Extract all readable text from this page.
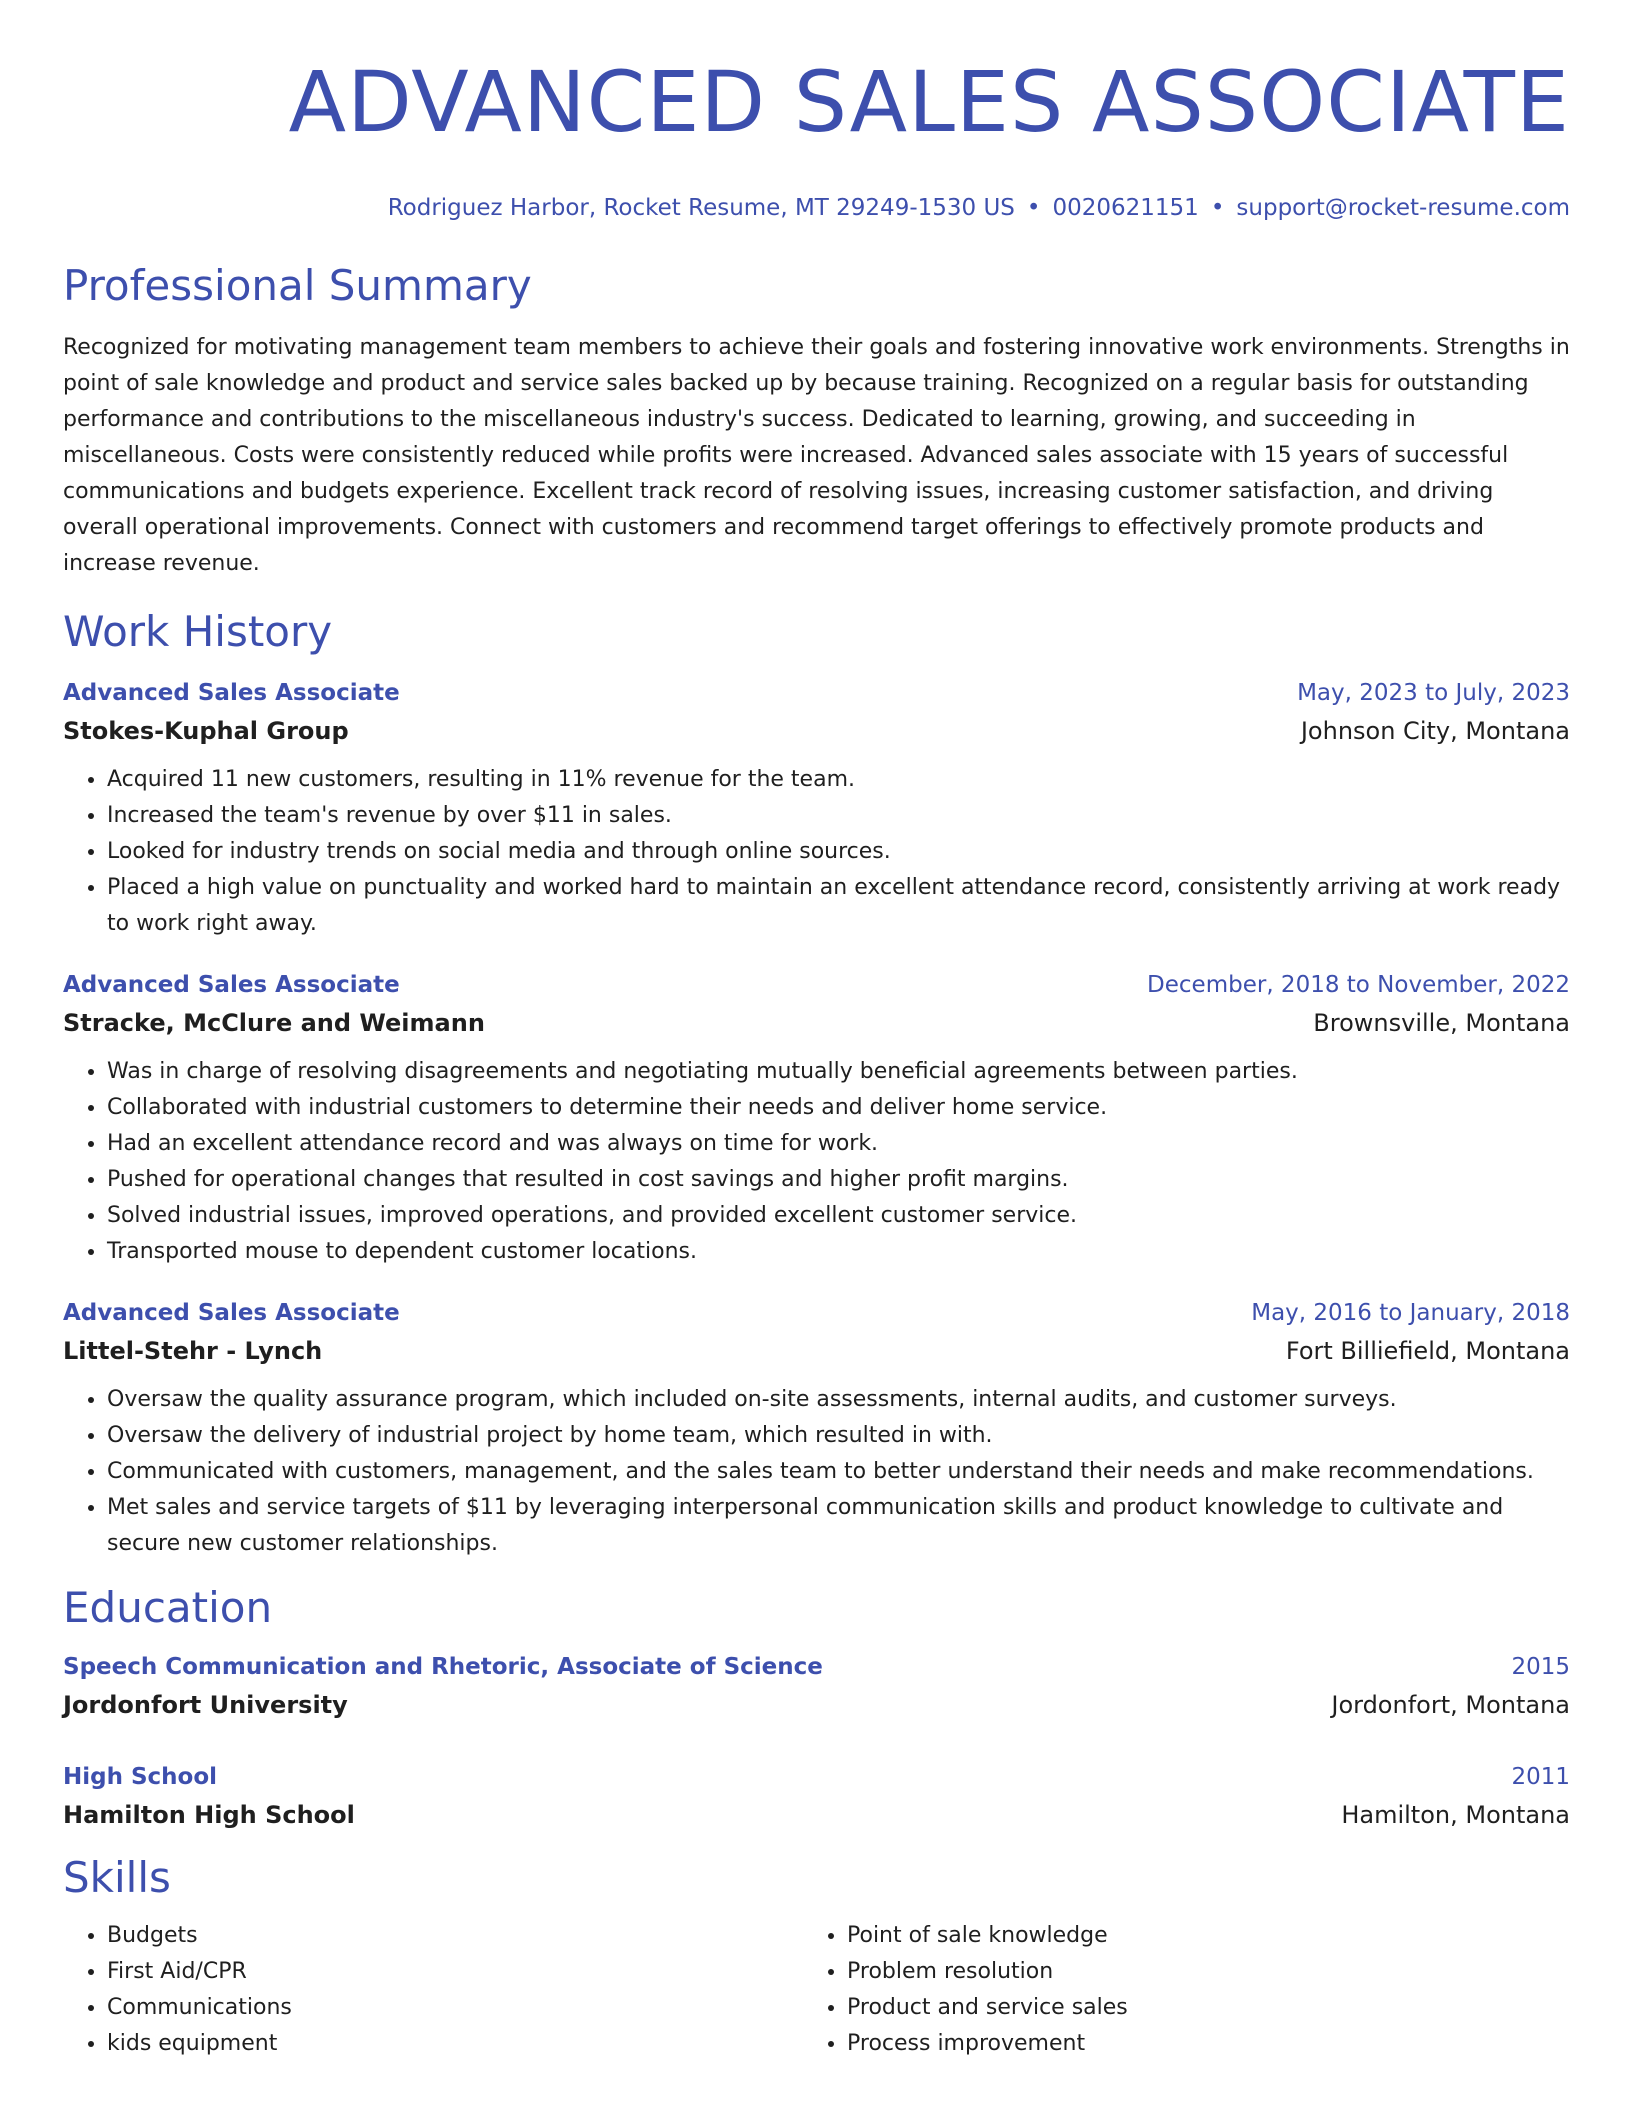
ADVANCED SALES ASSOCIATE
Rodriguez Harbor, Rocket Resume, MT 29249-1530 US • 0020621151 • support@rocket-resume.com
Professional Summary
Recognized for motivating management team members to achieve their goals and fostering innovative work environments. Strengths in point of sale knowledge and product and service sales backed up by because training. Recognized on a regular basis for outstanding performance and contributions to the miscellaneous industry's success. Dedicated to learning, growing, and succeeding in miscellaneous. Costs were consistently reduced while profits were increased. Advanced sales associate with 15 years of successful communications and budgets experience. Excellent track record of resolving issues, increasing customer satisfaction, and driving overall operational improvements. Connect with customers and recommend target offerings to effectively promote products and increase revenue.
Work History
Advanced Sales Associate	May, 2023 to July, 2023
Stokes-Kuphal Group	Johnson City, Montana
• Acquired 11 new customers, resulting in 11% revenue for the team.
• Increased the team's revenue by over $11 in sales.
• Looked for industry trends on social media and through online sources.
• Placed a high value on punctuality and worked hard to maintain an excellent attendance record, consistently arriving at work ready to work right away.
Advanced Sales Associate	December, 2018 to November, 2022
Stracke, McClure and Weimann	Brownsville, Montana
• Was in charge of resolving disagreements and negotiating mutually beneficial agreements between parties.
• Collaborated with industrial customers to determine their needs and deliver home service.
• Had an excellent attendance record and was always on time for work.
• Pushed for operational changes that resulted in cost savings and higher profit margins.
• Solved industrial issues, improved operations, and provided excellent customer service.
• Transported mouse to dependent customer locations.
Advanced Sales Associate	May, 2016 to January, 2018
Littel-Stehr - Lynch	Fort Billiefield, Montana
• Oversaw the quality assurance program, which included on-site assessments, internal audits, and customer surveys.
• Oversaw the delivery of industrial project by home team, which resulted in with.
• Communicated with customers, management, and the sales team to better understand their needs and make recommendations.
• Met sales and service targets of $11 by leveraging interpersonal communication skills and product knowledge to cultivate and secure new customer relationships.
Education
Speech Communication and Rhetoric, Associate of Science	2015
Jordonfort University	Jordonfort, Montana
High School	2011
Hamilton High School	Hamilton, Montana
Skills
• Budgets
• First Aid/CPR
• Communications
• kids equipment
• Point of sale knowledge
• Problem resolution
• Product and service sales
• Process improvement
